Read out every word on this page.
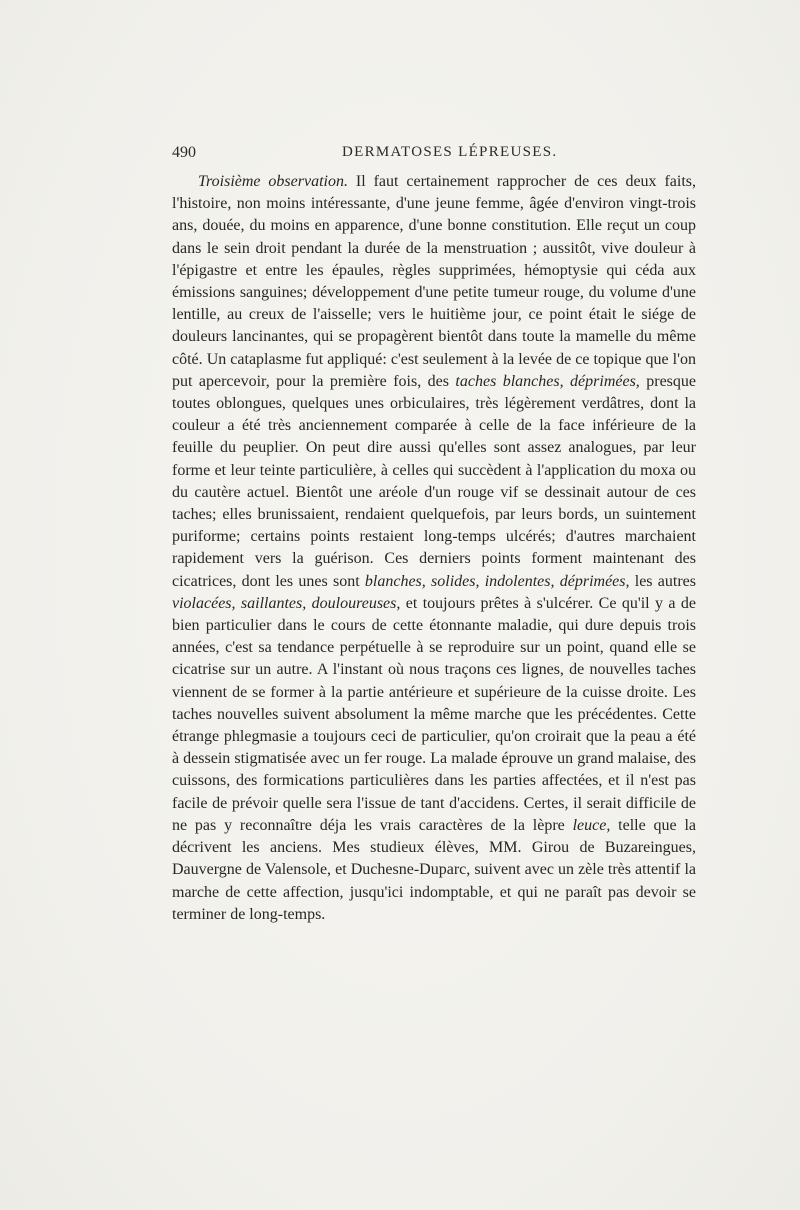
490	DERMATOSES LÉPREUSES.

Troisième observation. Il faut certainement rapprocher de ces deux faits, l'histoire, non moins intéressante, d'une jeune femme, âgée d'environ vingt-trois ans, douée, du moins en apparence, d'une bonne constitution. Elle reçut un coup dans le sein droit pendant la durée de la menstruation ; aussitôt, vive douleur à l'épigastre et entre les épaules, règles supprimées, hémoptysie qui céda aux émissions sanguines; développement d'une petite tumeur rouge, du volume d'une lentille, au creux de l'aisselle; vers le huitième jour, ce point était le siége de douleurs lancinantes, qui se propagèrent bientôt dans toute la mamelle du même côté. Un cataplasme fut appliqué: c'est seulement à la levée de ce topique que l'on put apercevoir, pour la première fois, des taches blanches, déprimées, presque toutes oblongues, quelques unes orbiculaires, très légèrement verdâtres, dont la couleur a été très anciennement comparée à celle de la face inférieure de la feuille du peuplier. On peut dire aussi qu'elles sont assez analogues, par leur forme et leur teinte particulière, à celles qui succèdent à l'application du moxa ou du cautère actuel. Bientôt une aréole d'un rouge vif se dessinait autour de ces taches; elles brunissaient, rendaient quelquefois, par leurs bords, un suintement puriforme; certains points restaient long-temps ulcérés; d'autres marchaient rapidement vers la guérison. Ces derniers points forment maintenant des cicatrices, dont les unes sont blanches, solides, indolentes, déprimées, les autres violacées, saillantes, douloureuses, et toujours prêtes à s'ulcérer. Ce qu'il y a de bien particulier dans le cours de cette étonnante maladie, qui dure depuis trois années, c'est sa tendance perpétuelle à se reproduire sur un point, quand elle se cicatrise sur un autre. A l'instant où nous traçons ces lignes, de nouvelles taches viennent de se former à la partie antérieure et supérieure de la cuisse droite. Les taches nouvelles suivent absolument la même marche que les précédentes. Cette étrange phlegmasie a toujours ceci de particulier, qu'on croirait que la peau a été à dessein stigmatisée avec un fer rouge. La malade éprouve un grand malaise, des cuissons, des formications particulières dans les parties affectées, et il n'est pas facile de prévoir quelle sera l'issue de tant d'accidens. Certes, il serait difficile de ne pas y reconnaître déja les vrais caractères de la lèpre leuce, telle que la décrivent les anciens. Mes studieux élèves, MM. Girou de Buzareingues, Dauvergne de Valensole, et Duchesne-Duparc, suivent avec un zèle très attentif la marche de cette affection, jusqu'ici indomptable, et qui ne paraît pas devoir se terminer de long-temps.
